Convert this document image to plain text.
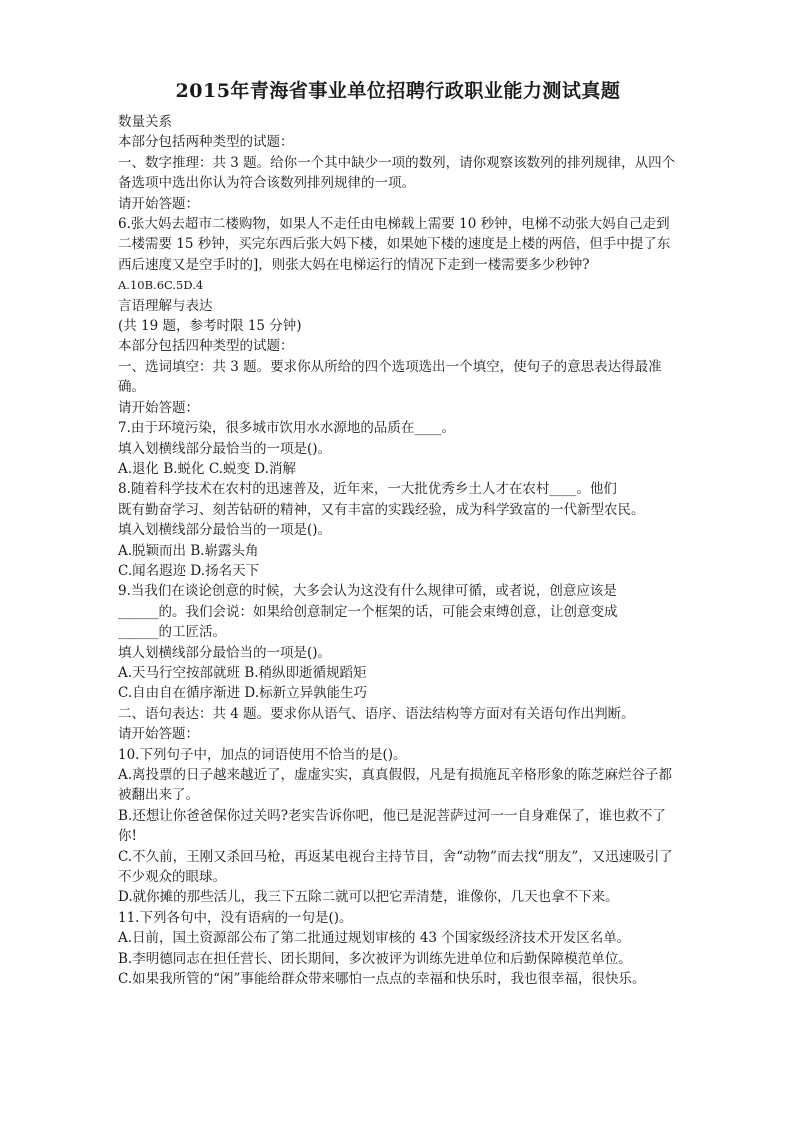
2015年青海省事业单位招聘行政职业能力测试真题

数量关系

本部分包括两种类型的试题：

一、数字推理：共 3 题。给你一个其中缺少一项的数列，请你观察该数列的排列规律，从四个备选项中选出你认为符合该数列排列规律的一项。

请开始答题：

6.张大妈去超市二楼购物，如果人不走任由电梯载上需要 10 秒钟，电梯不动张大妈自己走到二楼需要 15 秒钟，买完东西后张大妈下楼，如果她下楼的速度是上楼的两倍，但手中提了东西后速度又是空手时的]，则张大妈在电梯运行的情况下走到一楼需要多少秒钟?

A.10B.6C.5D.4

言语理解与表达

(共 19 题，参考时限 15 分钟)

本部分包括四种类型的试题：

一、选词填空：共 3 题。要求你从所给的四个选项选出一个填空，使句子的意思表达得最准确。

请开始答题：

7.由于环境污染，很多城市饮用水水源地的品质在____。

填入划横线部分最恰当的一项是()。

A.退化 B.蜕化 C.蜕变 D.消解

8.随着科学技术在农村的迅速普及，近年来，一大批优秀乡土人才在农村____。他们

既有勤奋学习、刻苦钻研的精神，又有丰富的实践经验，成为科学致富的一代新型农民。

填入划横线部分最恰当的一项是()。

A.脱颖而出 B.崭露头角

C.闻名遐迩 D.扬名天下

9.当我们在谈论创意的时候，大多会认为这没有什么规律可循，或者说，创意应该是

______的。我们会说：如果给创意制定一个框架的话，可能会束缚创意，让创意变成

______的工匠活。

填人划横线部分最恰当的一项是()。

A.天马行空按部就班 B.稍纵即逝循规蹈矩

C.自由自在循序渐进 D.标新立异孰能生巧

二、语句表达：共 4 题。要求你从语气、语序、语法结构等方面对有关语句作出判断。

请开始答题：

10.下列句子中，加点的词语使用不恰当的是()。

A.离投票的日子越来越近了，虚虚实实，真真假假，凡是有损施瓦辛格形象的陈芝麻烂谷子都被翻出来了。

B.还想让你爸爸保你过关吗?老实告诉你吧，他已是泥菩萨过河一一自身难保了，谁也救不了你!

C.不久前，王刚又杀回马枪，再返某电视台主持节目，舍“动物”而去找“朋友”，又迅速吸引了不少观众的眼球。

D.就你摊的那些活儿，我三下五除二就可以把它弄清楚，谁像你，几天也拿不下来。

11.下列各句中，没有语病的一句是()。

A.日前，国土资源部公布了第二批通过规划审核的 43 个国家级经济技术开发区名单。

B.李明德同志在担任营长、团长期间，多次被评为训练先进单位和后勤保障模范单位。

C.如果我所管的“闲”事能给群众带来哪怕一点点的幸福和快乐时，我也很幸福，很快乐。
